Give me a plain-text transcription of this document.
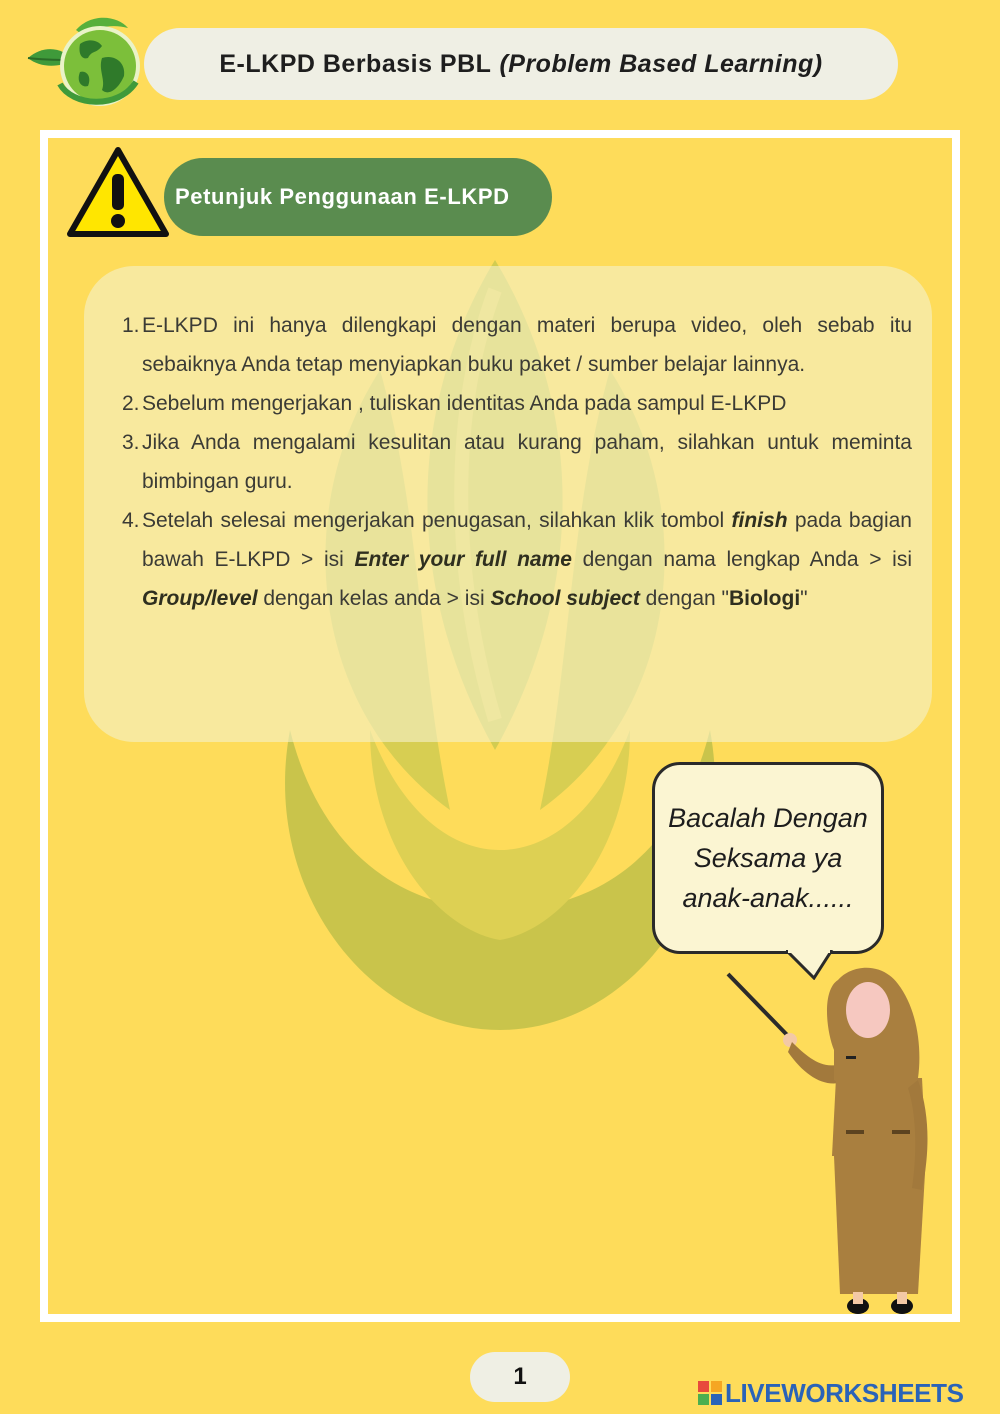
E-LKPD Berbasis PBL (Problem Based Learning)
Petunjuk Penggunaan E-LKPD
1. E-LKPD ini hanya dilengkapi dengan materi berupa video, oleh sebab itu sebaiknya Anda tetap menyiapkan buku paket / sumber belajar lainnya.
2. Sebelum mengerjakan , tuliskan identitas Anda pada sampul E-LKPD
3. Jika Anda mengalami kesulitan atau kurang paham, silahkan untuk meminta bimbingan guru.
4. Setelah selesai mengerjakan penugasan, silahkan klik tombol finish pada bagian bawah E-LKPD > isi Enter your full name dengan nama lengkap Anda > isi Group/level dengan kelas anda > isi School subject dengan "Biologi"
Bacalah Dengan
Seksama ya
anak-anak......
1
LIVEWORKSHEETS
